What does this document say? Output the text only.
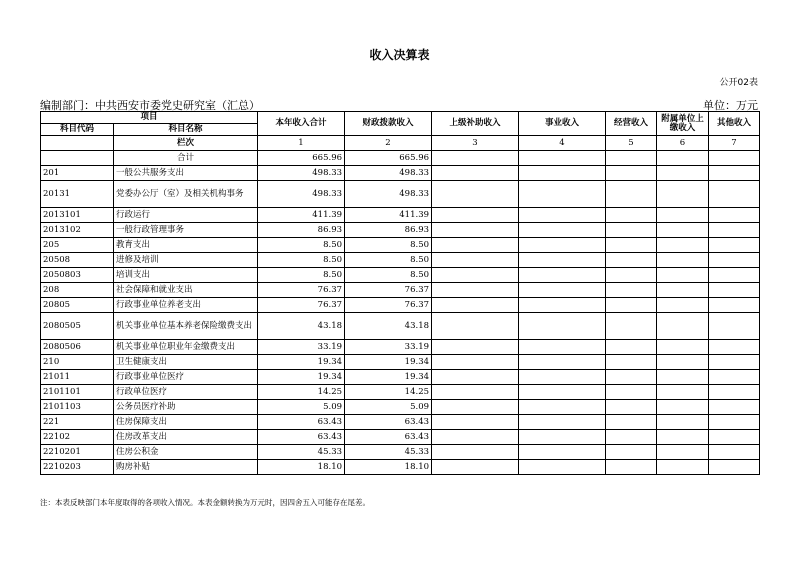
收入决算表
公开02表
编制部门：中共西安市委党史研究室（汇总）	单位：万元
项目		本年收入合计	财政拨款收入	上级补助收入	事业收入	经营收入	附属单位上缴收入	其他收入
科目代码	科目名称							
	栏次	1	2	3	4	5	6	7
	合计	665.96	665.96					
201	一般公共服务支出	498.33	498.33					
20131	党委办公厅（室）及相关机构事务	498.33	498.33					
2013101	行政运行	411.39	411.39					
2013102	一般行政管理事务	86.93	86.93					
205	教育支出	8.50	8.50					
20508	进修及培训	8.50	8.50					
2050803	培训支出	8.50	8.50					
208	社会保障和就业支出	76.37	76.37					
20805	行政事业单位养老支出	76.37	76.37					
2080505	机关事业单位基本养老保险缴费支出	43.18	43.18					
2080506	机关事业单位职业年金缴费支出	33.19	33.19					
210	卫生健康支出	19.34	19.34					
21011	行政事业单位医疗	19.34	19.34					
2101101	行政单位医疗	14.25	14.25					
2101103	公务员医疗补助	5.09	5.09					
221	住房保障支出	63.43	63.43					
22102	住房改革支出	63.43	63.43					
2210201	住房公积金	45.33	45.33					
2210203	购房补贴	18.10	18.10					
注：本表反映部门本年度取得的各项收入情况。本表金额转换为万元时，因四舍五入可能存在尾差。
